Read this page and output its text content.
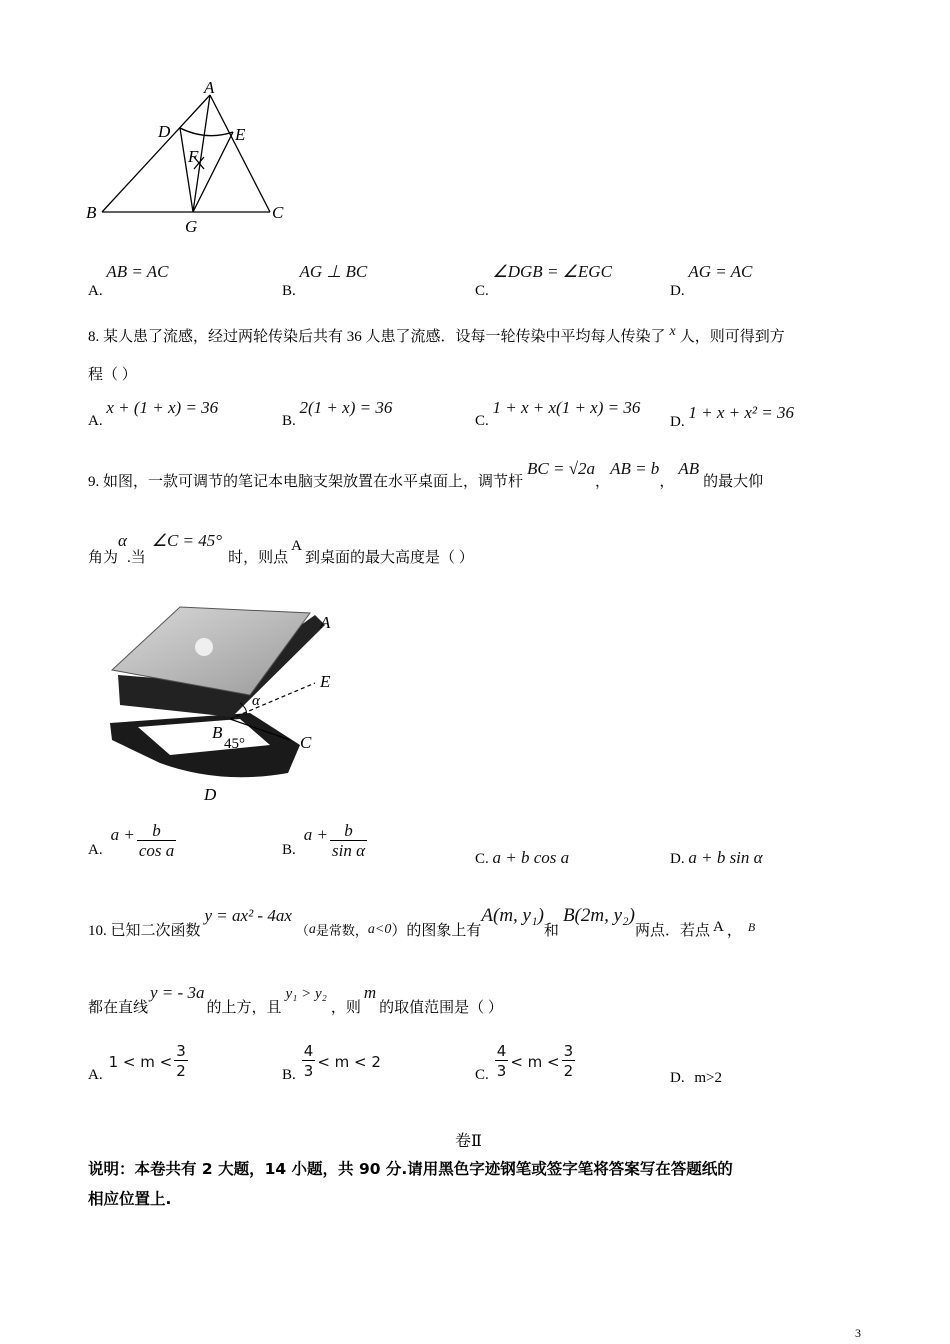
A
D	E
F
B	C
G
A. AB = AC
B. AG ⊥ BC
C. ∠DGB = ∠EGC
D. AG = AC
8. 某人患了流感，经过两轮传染后共有 36 人患了流感．设每一轮传染中平均每人传染了 x 人，则可得到方
程（ ）
A. x + (1 + x) = 36
B. 2(1 + x) = 36
C. 1 + x + x(1 + x) = 36
D. 1 + x + x² = 36
9. 如图，一款可调节的笔记本电脑支架放置在水平桌面上，调节杆BC = √2a，AB = b，AB的最大仰
角为α.当∠C = 45°时，则点A到桌面的最大高度是（ ）
A
E
α
B
45°	C
D
A.
$a + \frac{b}{\text{cos a}}$	B.
$a + \frac{b}{\text{sin α}}$	C. a + b cos a	D. a + b sin α
10. 已知二次函数y = ax² - 4ax（a是常数，a<0）的图象上有A(m, y₁)和B(2m, y₂)两点．若点 A ， $_B$
都在直线y = - 3a的上方，且y₁ > y₂，则m的取值范围是（ ）
A.
$1 < m < \frac{3}{2}$	B. $\frac{4}{3} < m < 2$
C. $\frac{4}{3} < m < \frac{3}{2}$	D. m>2
卷Ⅱ
说明：本卷共有 2 大题，14 小题，共 90 分.请用黑色字迹钢笔或签字笔将答案写在答题纸的
相应位置上.
3
